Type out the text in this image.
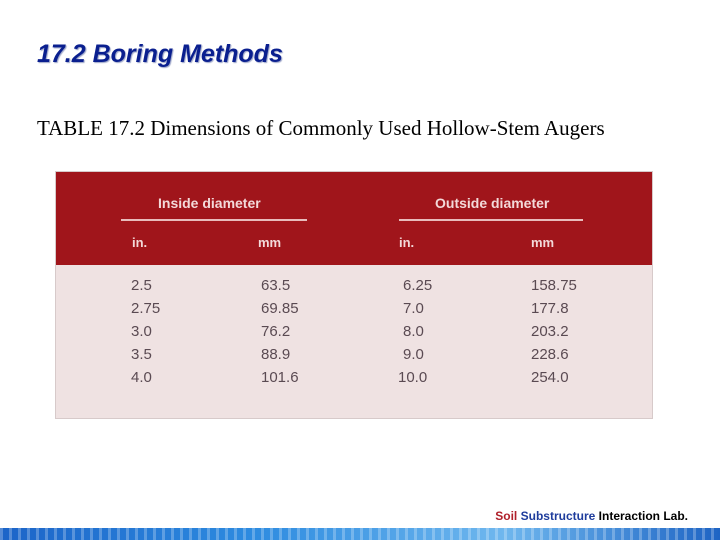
17.2 Boring Methods
TABLE 17.2 Dimensions of Commonly Used Hollow-Stem Augers
Inside diameter	Outside diameter
in.	mm	in.	mm
2.5	63.5	6.25	158.75
2.75	69.85	7.0	177.8
3.0	76.2	8.0	203.2
3.5	88.9	9.0	228.6
4.0	101.6	10.0	254.0
Soil Substructure Interaction Lab.
